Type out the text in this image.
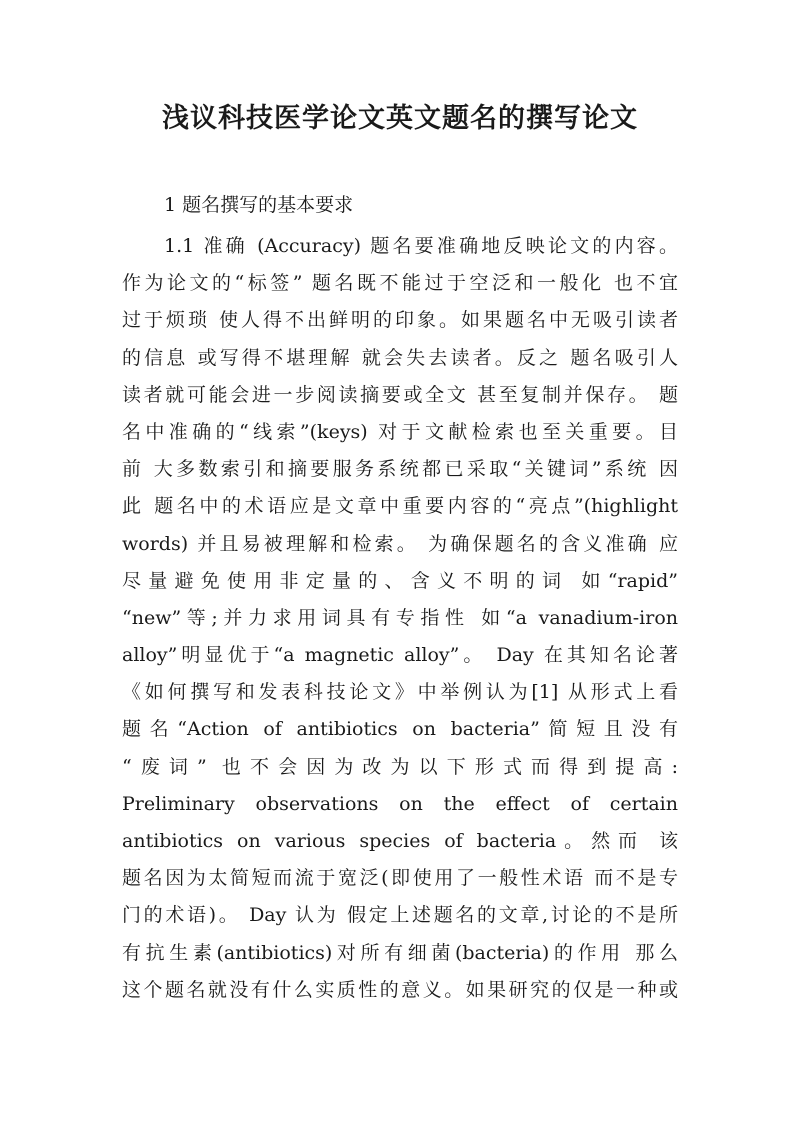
浅议科技医学论文英文题名的撰写论文

1 题名撰写的基本要求

1.1 准确 (Accuracy) 题名要准确地反映论文的内容。
作为论文的“标签” 题名既不能过于空泛和一般化 也不宜
过于烦琐 使人得不出鲜明的印象。如果题名中无吸引读者
的信息 或写得不堪理解 就会失去读者。反之 题名吸引人
读者就可能会进一步阅读摘要或全文 甚至复制并保存。 题
名中准确的“线索”(keys) 对于文献检索也至关重要。目
前 大多数索引和摘要服务系统都已采取“关键词”系统 因
此 题名中的术语应是文章中重要内容的“亮点”(highlight
words) 并且易被理解和检索。 为确保题名的含义准确 应
尽量避免使用非定量的、含义不明的词 如“rapid”
“new”等;并力求用词具有专指性 如“a vanadium-iron
alloy”明显优于“a magnetic alloy”。 Day 在其知名论著
《如何撰写和发表科技论文》中举例认为[1] 从形式上看
题名“Action of antibiotics on bacteria”简短且没有
“废词” 也不会因为改为以下形式而得到提高:
Preliminary observations on the effect of certain
antibiotics on various species of bacteria。然而 该
题名因为太简短而流于宽泛(即使用了一般性术语 而不是专
门的术语)。 Day 认为 假定上述题名的文章,讨论的不是所
有抗生素(antibiotics)对所有细菌(bacteria)的作用 那么
这个题名就没有什么实质性的意义。如果研究的仅是一种或
